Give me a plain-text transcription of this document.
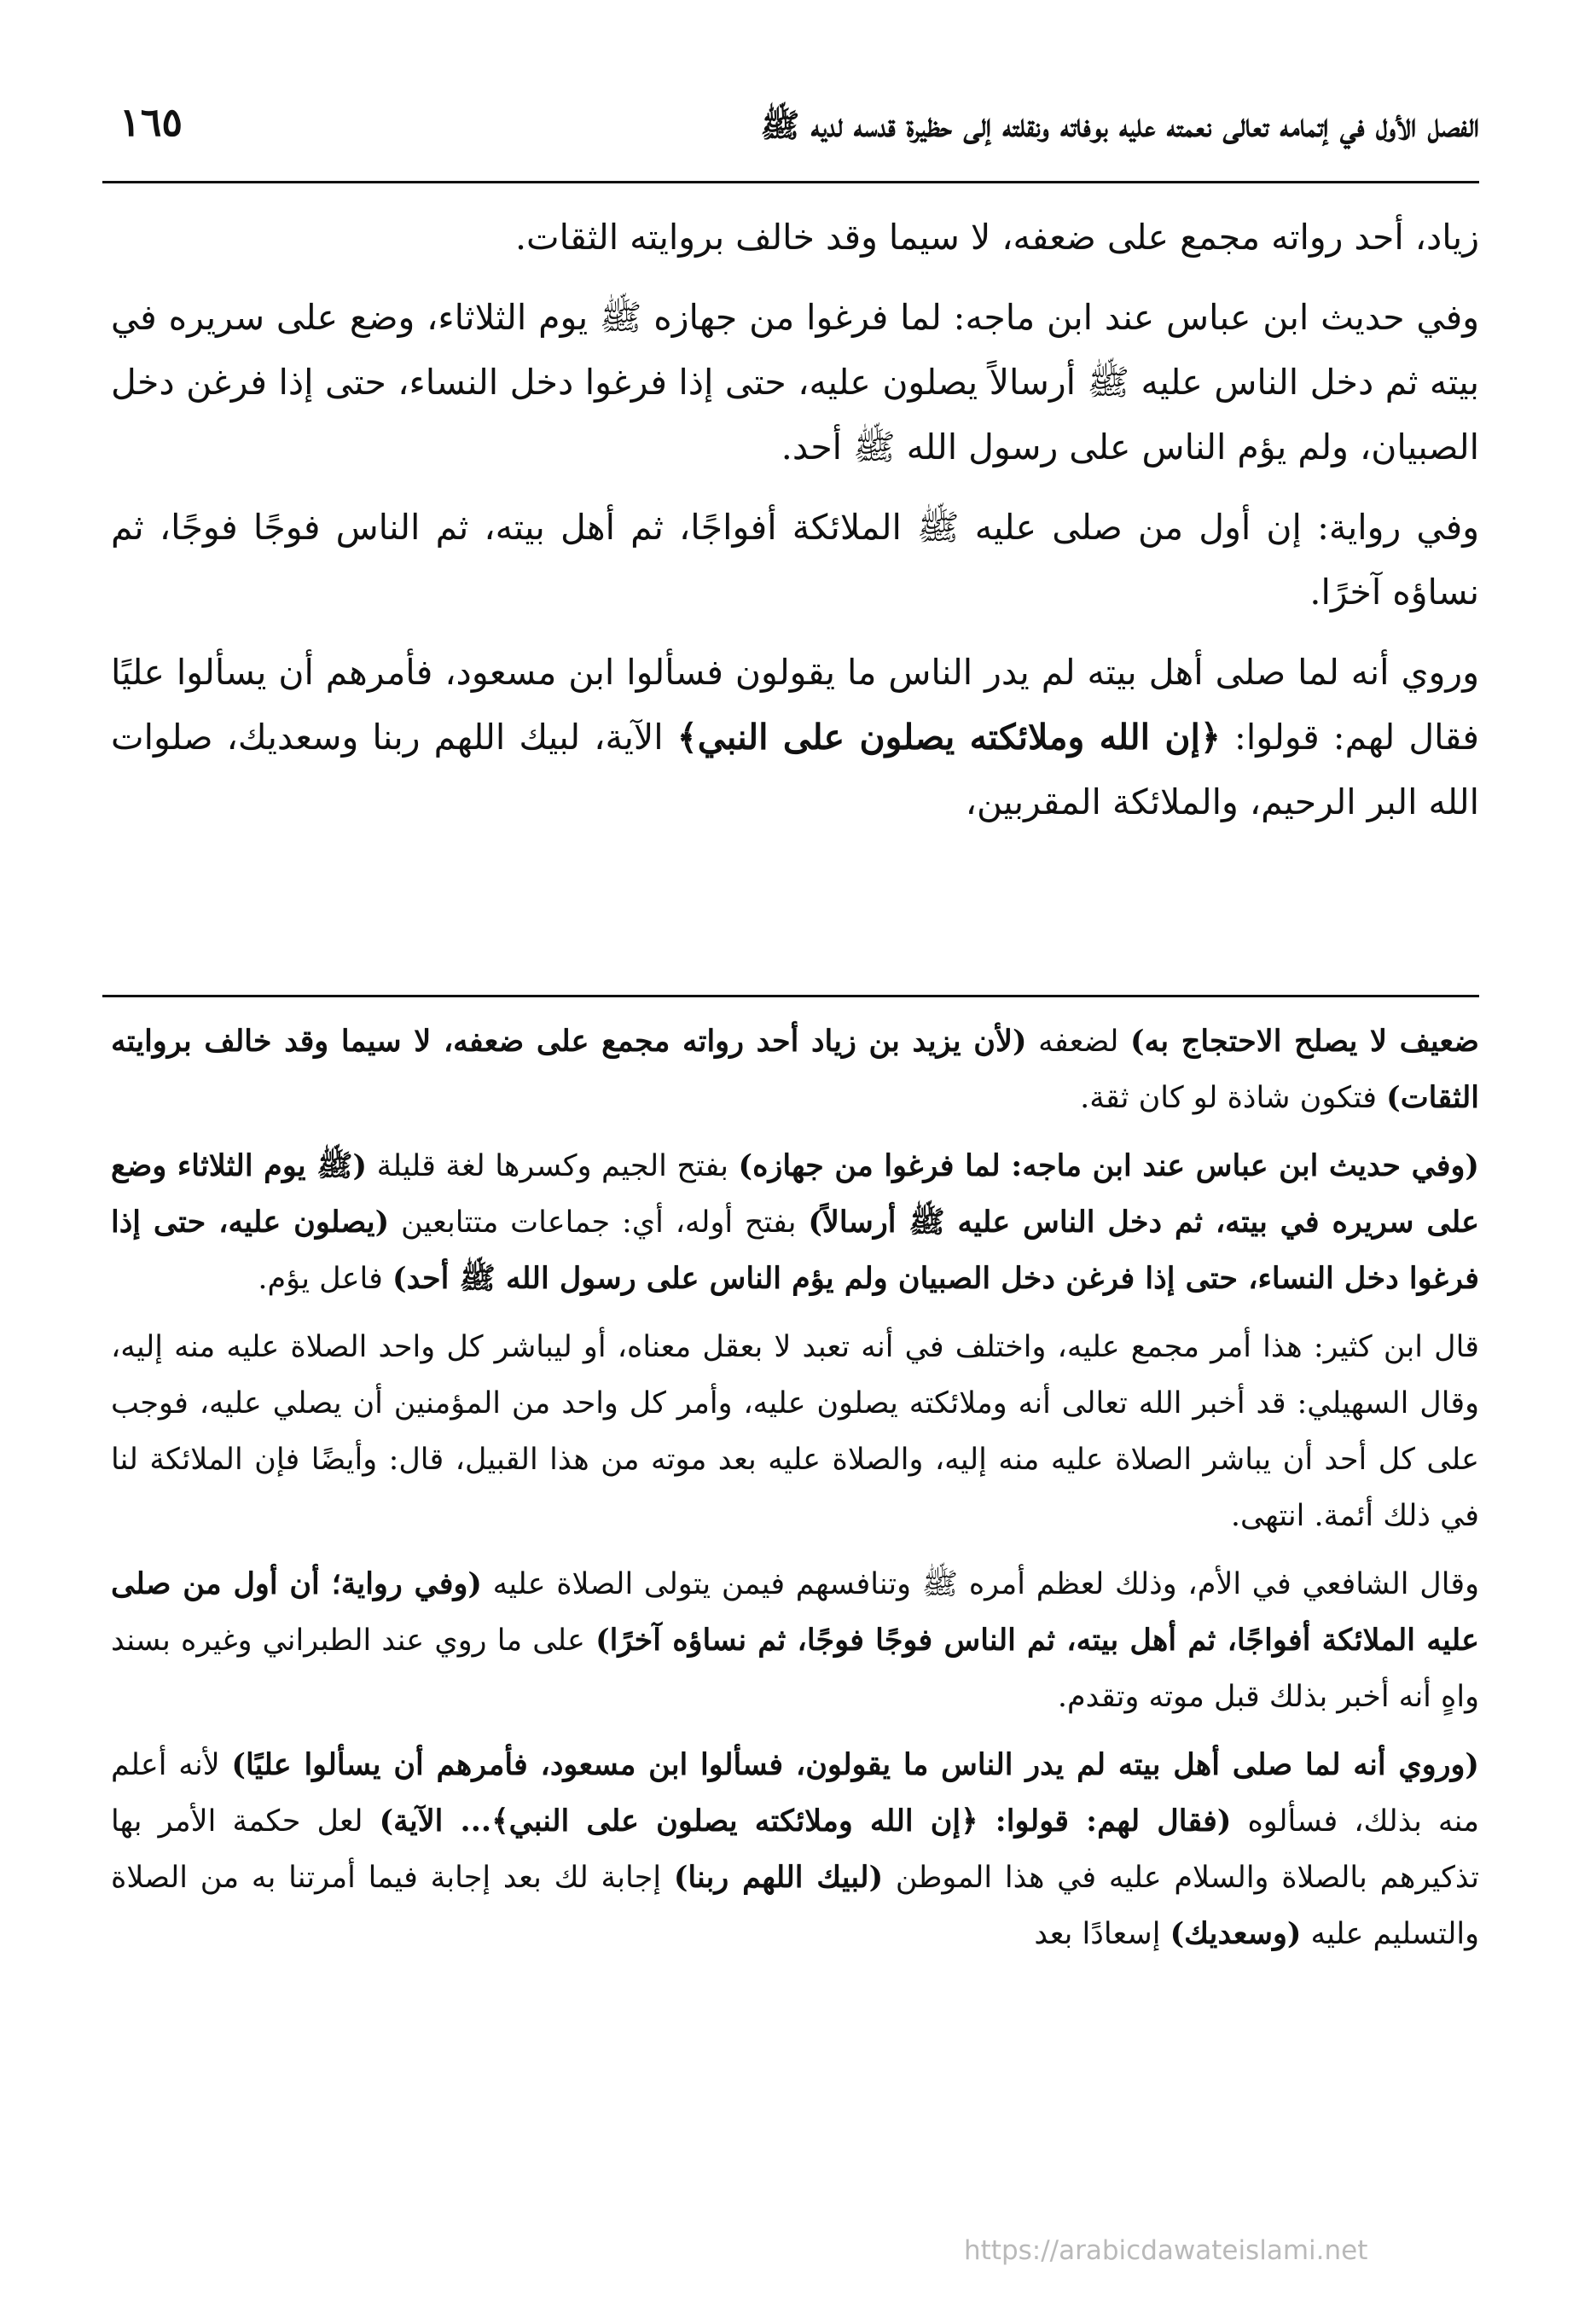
الفصل الأول في إتمامه تعالى نعمته عليه بوفاته ونقلته إلى حظيرة قدسه لديه ﷺ
١٦٥

زياد، أحد رواته مجمع على ضعفه، لا سيما وقد خالف بروايته الثقات.

وفي حديث ابن عباس عند ابن ماجه: لما فرغوا من جهازه ﷺ يوم الثلاثاء، وضع على سريره في بيته ثم دخل الناس عليه ﷺ أرسالاً يصلون عليه، حتى إذا فرغوا دخل النساء، حتى إذا فرغن دخل الصبيان، ولم يؤم الناس على رسول الله ﷺ أحد.

وفي رواية: إن أول من صلى عليه ﷺ الملائكة أفواجًا، ثم أهل بيته، ثم الناس فوجًا فوجًا، ثم نساؤه آخرًا.

وروي أنه لما صلى أهل بيته لم يدر الناس ما يقولون فسألوا ابن مسعود، فأمرهم أن يسألوا عليًا فقال لهم: قولوا: ﴿إن الله وملائكته يصلون على النبي﴾ الآية، لبيك اللهم ربنا وسعديك، صلوات الله البر الرحيم، والملائكة المقربين،

ضعيف لا يصلح الاحتجاج به) لضعفه (لأن يزيد بن زياد أحد رواته مجمع على ضعفه، لا سيما وقد خالف بروايته الثقات) فتكون شاذة لو كان ثقة.

(وفي حديث ابن عباس عند ابن ماجه: لما فرغوا من جهازه) بفتح الجيم وكسرها لغة قليلة (ﷺ يوم الثلاثاء وضع على سريره في بيته، ثم دخل الناس عليه ﷺ أرسالاً) بفتح أوله، أي: جماعات متتابعين (يصلون عليه، حتى إذا فرغوا دخل النساء، حتى إذا فرغن دخل الصبيان ولم يؤم الناس على رسول الله ﷺ أحد) فاعل يؤم.

قال ابن كثير: هذا أمر مجمع عليه، واختلف في أنه تعبد لا بعقل معناه، أو ليباشر كل واحد الصلاة عليه منه إليه، وقال السهيلي: قد أخبر الله تعالى أنه وملائكته يصلون عليه، وأمر كل واحد من المؤمنين أن يصلي عليه، فوجب على كل أحد أن يباشر الصلاة عليه منه إليه، والصلاة عليه بعد موته من هذا القبيل، قال: وأيضًا فإن الملائكة لنا في ذلك أئمة. انتهى.

وقال الشافعي في الأم، وذلك لعظم أمره ﷺ وتنافسهم فيمن يتولى الصلاة عليه (وفي رواية؛ أن أول من صلى عليه الملائكة أفواجًا، ثم أهل بيته، ثم الناس فوجًا فوجًا، ثم نساؤه آخرًا) على ما روي عند الطبراني وغيره بسند واهٍ أنه أخبر بذلك قبل موته وتقدم.

(وروي أنه لما صلى أهل بيته لم يدر الناس ما يقولون، فسألوا ابن مسعود، فأمرهم أن يسألوا عليًا) لأنه أعلم منه بذلك، فسألوه (فقال لهم: قولوا: ﴿إن الله وملائكته يصلون على النبي﴾... الآية) لعل حكمة الأمر بها تذكيرهم بالصلاة والسلام عليه في هذا الموطن (لبيك اللهم ربنا) إجابة لك بعد إجابة فيما أمرتنا به من الصلاة والتسليم عليه (وسعديك) إسعادًا بعد

https://arabicdawateislami.net
